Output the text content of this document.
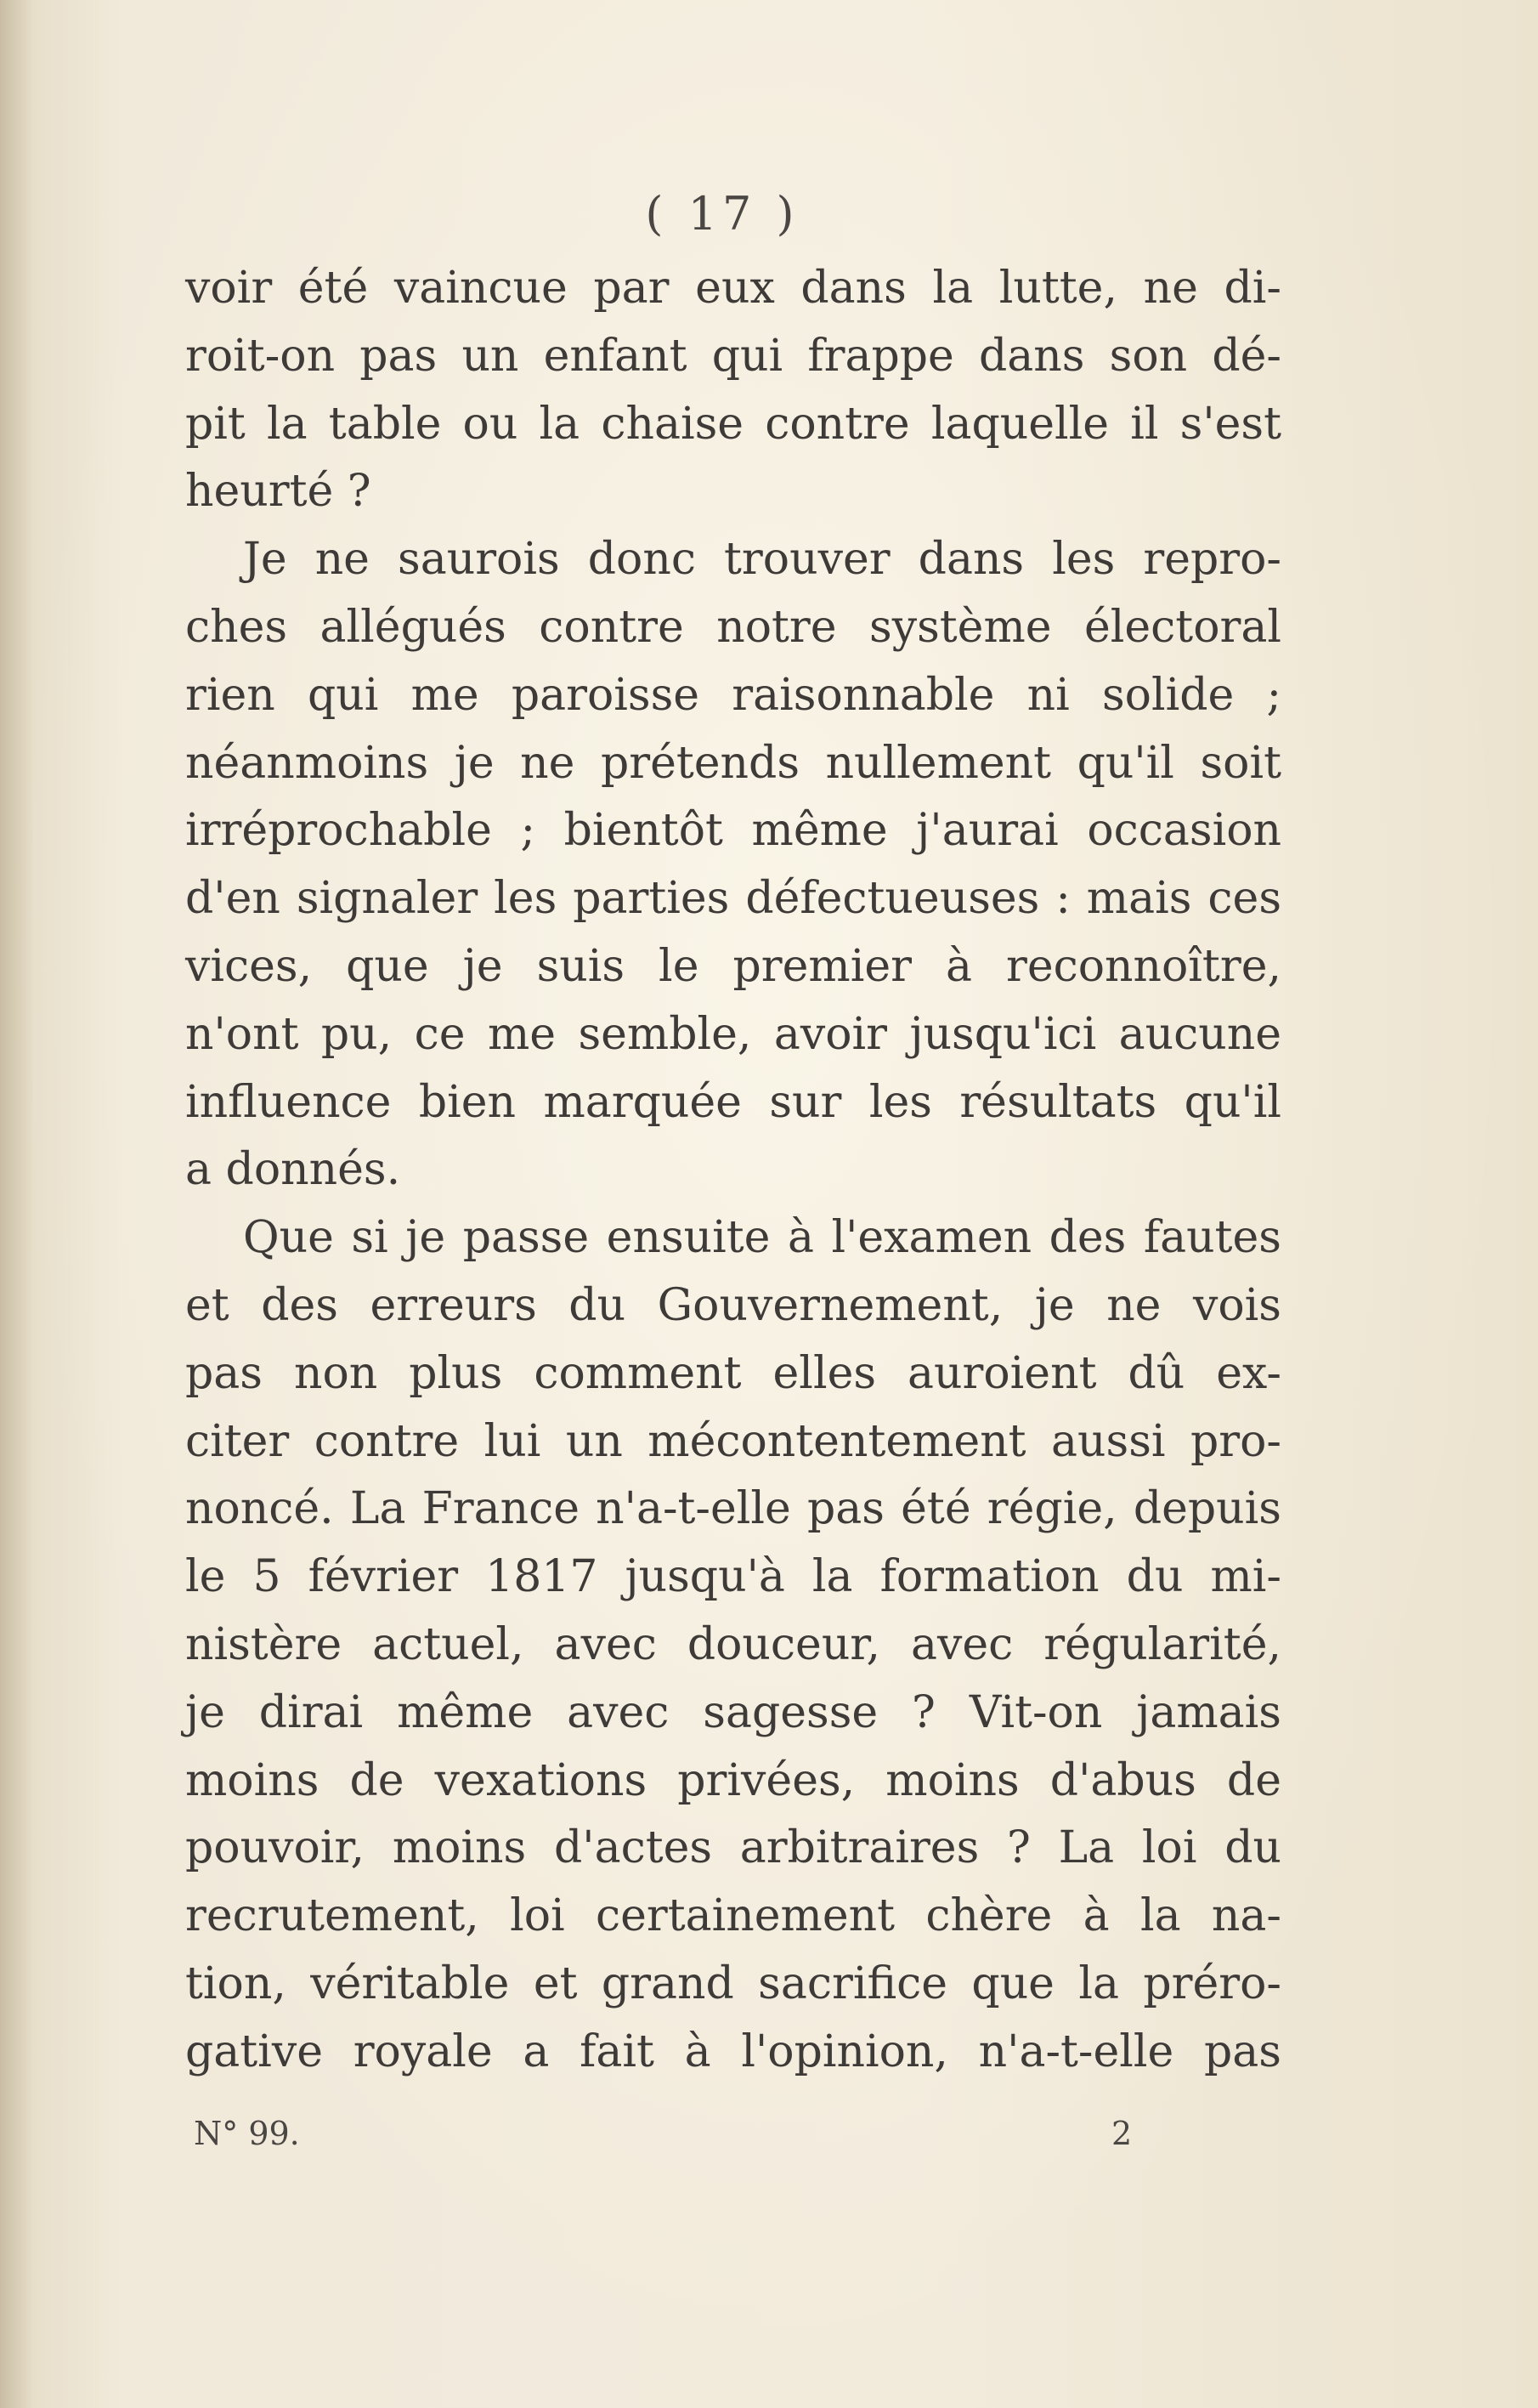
( 17 )
voir été vaincue par eux dans la lutte, ne di-
roit-on pas un enfant qui frappe dans son dé-
pit la table ou la chaise contre laquelle il s'est
heurté ?
Je ne saurois donc trouver dans les repro-
ches allégués contre notre système électoral
rien qui me paroisse raisonnable ni solide ;
néanmoins je ne prétends nullement qu'il soit
irréprochable ; bientôt même j'aurai occasion
d'en signaler les parties défectueuses : mais ces
vices, que je suis le premier à reconnoître,
n'ont pu, ce me semble, avoir jusqu'ici aucune
influence bien marquée sur les résultats qu'il
a donnés.
Que si je passe ensuite à l'examen des fautes
et des erreurs du Gouvernement, je ne vois
pas non plus comment elles auroient dû ex-
citer contre lui un mécontentement aussi pro-
noncé. La France n'a-t-elle pas été régie, depuis
le 5 février 1817 jusqu'à la formation du mi-
nistère actuel, avec douceur, avec régularité,
je dirai même avec sagesse ? Vit-on jamais
moins de vexations privées, moins d'abus de
pouvoir, moins d'actes arbitraires ? La loi du
recrutement, loi certainement chère à la na-
tion, véritable et grand sacrifice que la préro-
gative royale a fait à l'opinion, n'a-t-elle pas
N° 99.	2
